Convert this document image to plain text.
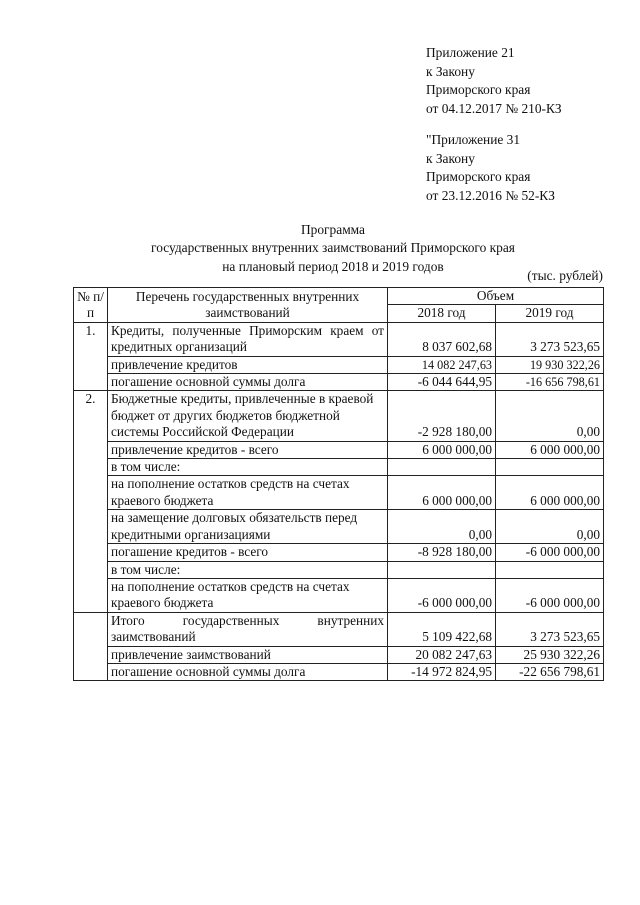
Приложение 21
к Закону
Приморского края
от 04.12.2017 № 210-КЗ
"Приложение 31
к Закону
Приморского края
от 23.12.2016 № 52-КЗ
Программа
государственных внутренних заимствований Приморского края
на плановый период 2018 и 2019 годов
(тыс. рублей)
№ п/п	Перечень государственных внутренних заимствований	Объем	
		2018 год	2019 год
1.	Кредиты, полученные Приморским краем от кредитных организаций	8 037 602,68	3 273 523,65
	привлечение кредитов	14 082 247,63	19 930 322,26
	погашение основной суммы долга	-6 044 644,95	-16 656 798,61
2.	Бюджетные кредиты, привлеченные в краевой бюджет от других бюджетов бюджетной системы Российской Федерации	-2 928 180,00	0,00
	привлечение кредитов - всего	6 000 000,00	6 000 000,00
	в том числе:		
	на пополнение остатков средств на счетах краевого бюджета	6 000 000,00	6 000 000,00
	на замещение долговых обязательств перед кредитными организациями	0,00	0,00
	погашение кредитов - всего	-8 928 180,00	-6 000 000,00
	в том числе:		
	на пополнение остатков средств на счетах краевого бюджета	-6 000 000,00	-6 000 000,00
	Итого государственных внутренних заимствований	5 109 422,68	3 273 523,65
	привлечение заимствований	20 082 247,63	25 930 322,26
	погашение основной суммы долга	-14 972 824,95	-22 656 798,61
